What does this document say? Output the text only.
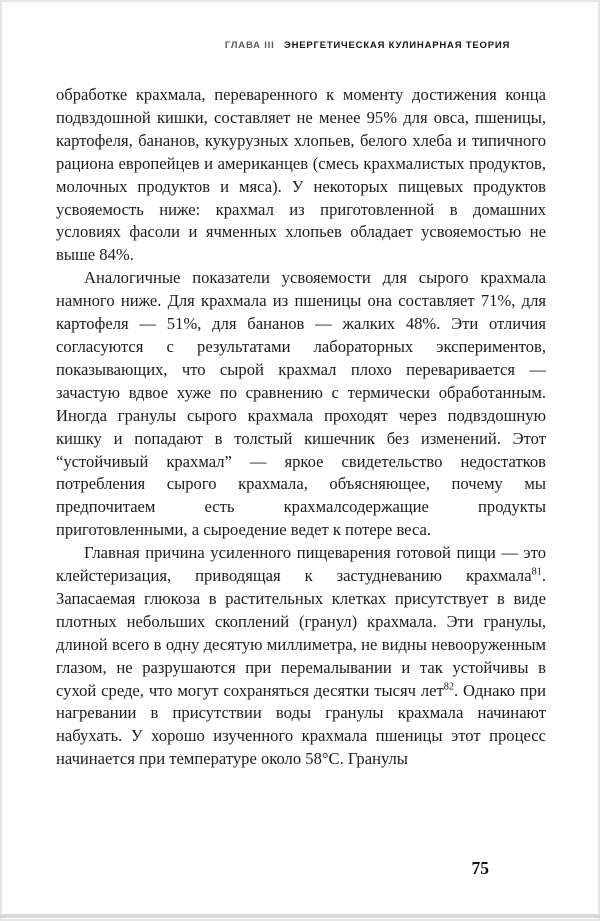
ГЛАВА III ЭНЕРГЕТИЧЕСКАЯ КУЛИНАРНАЯ ТЕОРИЯ

обработке крахмала, переваренного к моменту достижения конца подвздошной кишки, составляет не менее 95% для овса, пшеницы, картофеля, бананов, кукурузных хлопьев, белого хлеба и типичного рациона европейцев и американцев (смесь крахмалистых продуктов, молочных продуктов и мяса). У некоторых пищевых продуктов усвояемость ниже: крахмал из приготовленной в домашних условиях фасоли и ячменных хлопьев обладает усвояемостью не выше 84%.

Аналогичные показатели усвояемости для сырого крахмала намного ниже. Для крахмала из пшеницы она составляет 71%, для картофеля — 51%, для бананов — жалких 48%. Эти отличия согласуются с результатами лабораторных экспериментов, показывающих, что сырой крахмал плохо переваривается — зачастую вдвое хуже по сравнению с термически обработанным. Иногда гранулы сырого крахмала проходят через подвздошную кишку и попадают в толстый кишечник без изменений. Этот “устойчивый крахмал” — яркое свидетельство недостатков потребления сырого крахмала, объясняющее, почему мы предпочитаем есть крахмалсодержащие продукты приготовленными, а сыроедение ведет к потере веса.

Главная причина усиленного пищеварения готовой пищи — это клейстеризация, приводящая к застудневанию крахмала$^{81}$. Запасаемая глюкоза в растительных клетках присутствует в виде плотных небольших скоплений (гранул) крахмала. Эти гранулы, длиной всего в одну десятую миллиметра, не видны невооруженным глазом, не разрушаются при перемалывании и так устойчивы в сухой среде, что могут сохраняться десятки тысяч лет$^{82}$. Однако при нагревании в присутствии воды гранулы крахмала начинают набухать. У хорошо изученного крахмала пшеницы этот процесс начинается при температуре около 58°С. Гранулы

75
